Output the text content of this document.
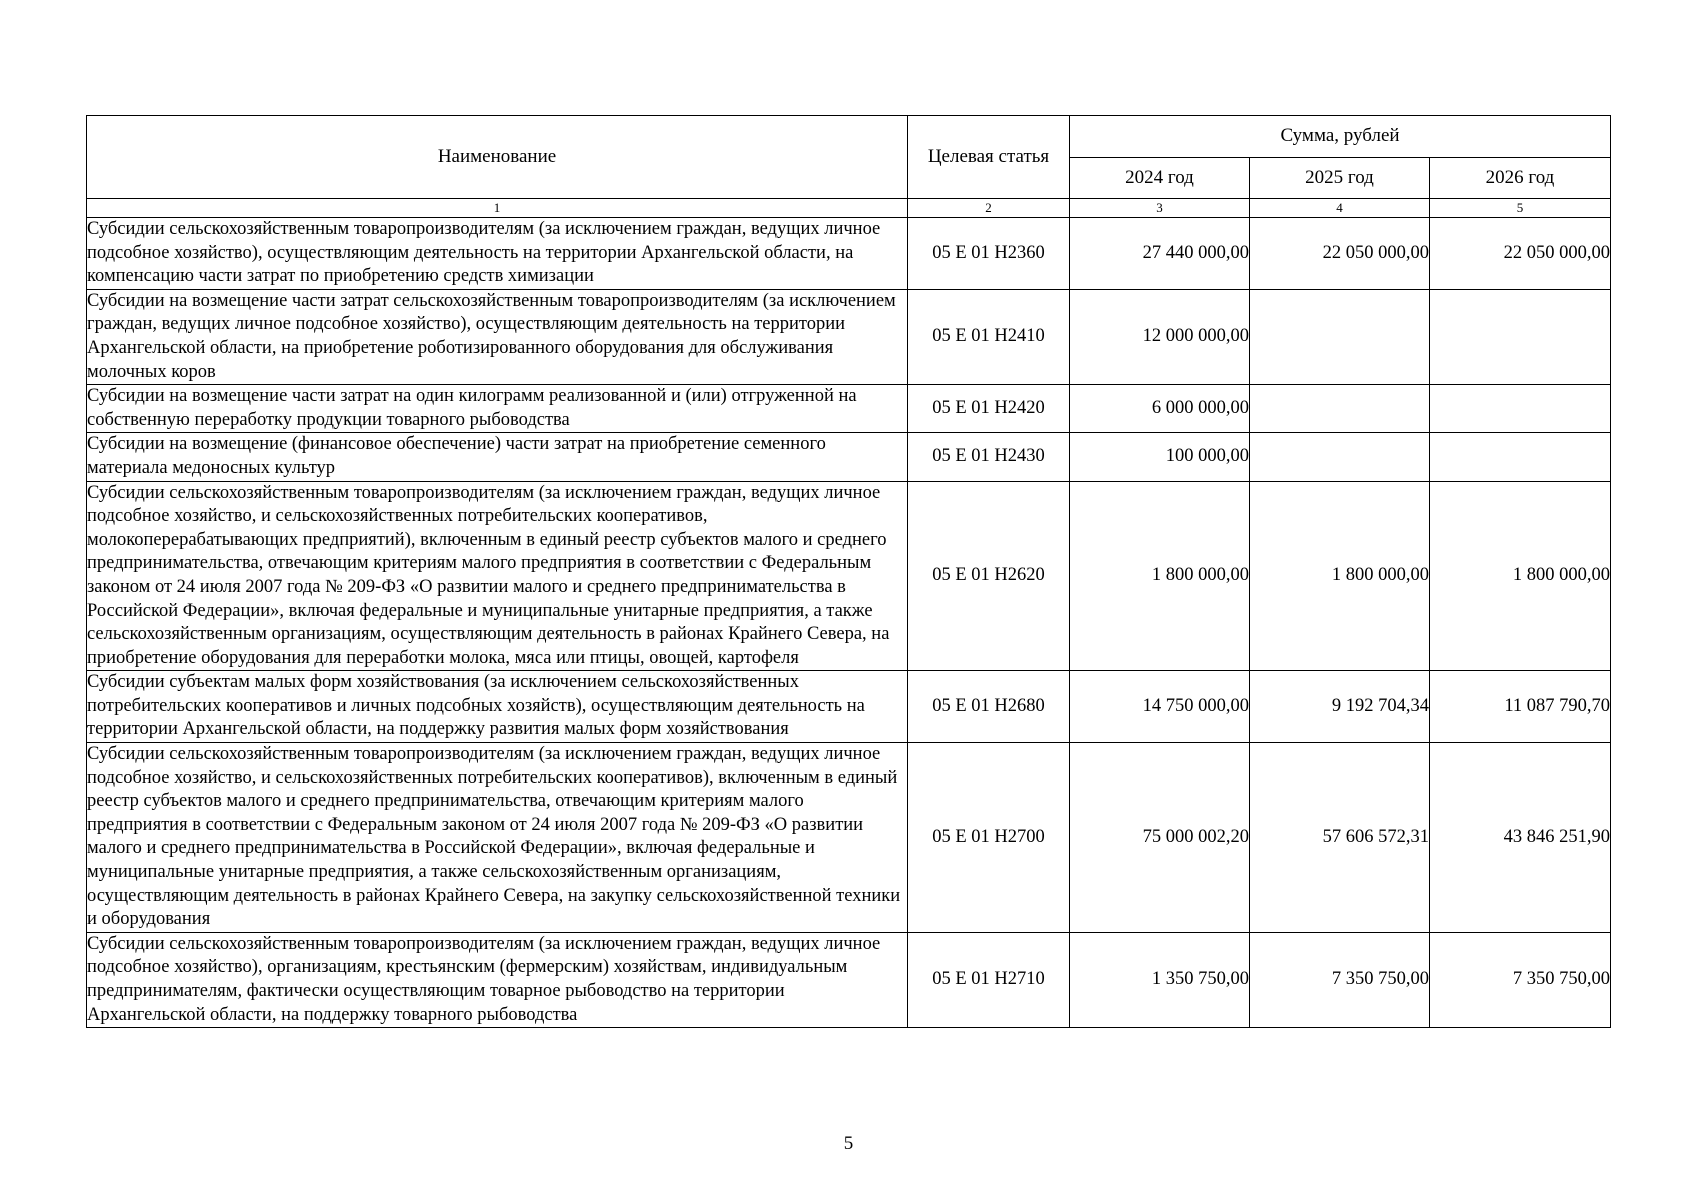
Наименование	Целевая статья	Сумма, рублей		
		2024 год	2025 год	2026 год
1	2	3	4	5
Субсидии сельскохозяйственным товаропроизводителям (за исключением граждан, ведущих личное подсобное хозяйство), осуществляющим деятельность на территории Архангельской области, на компенсацию части затрат по приобретению средств химизации	05 Е 01 Н2360	27 440 000,00	22 050 000,00	22 050 000,00
Субсидии на возмещение части затрат сельскохозяйственным товаропроизводителям (за исключением граждан, ведущих личное подсобное хозяйство), осуществляющим деятельность на территории Архангельской области, на приобретение роботизированного оборудования для обслуживания молочных коров	05 Е 01 Н2410	12 000 000,00		
Субсидии на возмещение части затрат на один килограмм реализованной и (или) отгруженной на собственную переработку продукции товарного рыбоводства	05 Е 01 Н2420	6 000 000,00		
Субсидии на возмещение (финансовое обеспечение) части затрат на приобретение семенного материала медоносных культур	05 Е 01 Н2430	100 000,00		
Субсидии сельскохозяйственным товаропроизводителям (за исключением граждан, ведущих личное подсобное хозяйство, и сельскохозяйственных потребительских кооперативов, молокоперерабатывающих предприятий), включенным в единый реестр субъектов малого и среднего предпринимательства, отвечающим критериям малого предприятия в соответствии с Федеральным законом от 24 июля 2007 года № 209-ФЗ «О развитии малого и среднего предпринимательства в Российской Федерации», включая федеральные и муниципальные унитарные предприятия, а также сельскохозяйственным организациям, осуществляющим деятельность в районах Крайнего Севера, на приобретение оборудования для переработки молока, мяса или птицы, овощей, картофеля	05 Е 01 Н2620	1 800 000,00	1 800 000,00	1 800 000,00
Субсидии субъектам малых форм хозяйствования (за исключением сельскохозяйственных потребительских кооперативов и личных подсобных хозяйств), осуществляющим деятельность на территории Архангельской области, на поддержку развития малых форм хозяйствования	05 Е 01 Н2680	14 750 000,00	9 192 704,34	11 087 790,70
Субсидии сельскохозяйственным товаропроизводителям (за исключением граждан, ведущих личное подсобное хозяйство, и сельскохозяйственных потребительских кооперативов), включенным в единый реестр субъектов малого и среднего предпринимательства, отвечающим критериям малого предприятия в соответствии с Федеральным законом от 24 июля 2007 года № 209-ФЗ «О развитии малого и среднего предпринимательства в Российской Федерации», включая федеральные и муниципальные унитарные предприятия, а также сельскохозяйственным организациям, осуществляющим деятельность в районах Крайнего Севера, на закупку сельскохозяйственной техники и оборудования	05 Е 01 Н2700	75 000 002,20	57 606 572,31	43 846 251,90
Субсидии сельскохозяйственным товаропроизводителям (за исключением граждан, ведущих личное подсобное хозяйство), организациям, крестьянским (фермерским) хозяйствам, индивидуальным предпринимателям, фактически осуществляющим товарное рыбоводство на территории Архангельской области, на поддержку товарного рыбоводства	05 Е 01 Н2710	1 350 750,00	7 350 750,00	7 350 750,00
5
